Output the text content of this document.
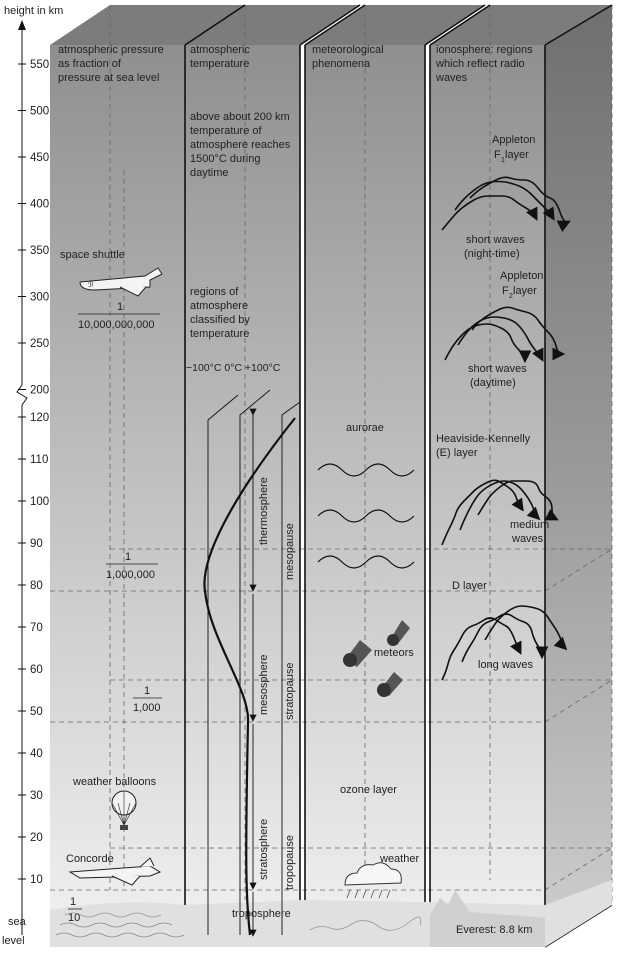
height in km
550
500
450
400
350
300
250
200
120
110
100
90
80
70
60
50
40
30
20
10
sea
level
atmospheric pressure
as fraction of
pressure at sea level
space shuttle
ℬ
1
10,000,000,000
1
1,000,000
1
1,000
weather balloons
Concorde
1
10
atmospheric
temperature
above about 200 km
temperature of
atmosphere reaches
1500°C during
daytime
regions of
atmosphere
classified by
temperature
−100°C 0°C +100°C
thermosphere
mesosphere
stratosphere
troposphere
mesopause
stratopause
tropopause
meteorological
phenomena
aurorae
meteors
ozone layer
weather
ionosphere: regions
which reflect radio
waves
Appleton
F 1 layer
short waves
(night-time)
Appleton
F 2 layer
short waves
(daytime)
Heaviside-Kennelly
(E) layer
medium
waves
D layer
long waves
Everest: 8.8 km
